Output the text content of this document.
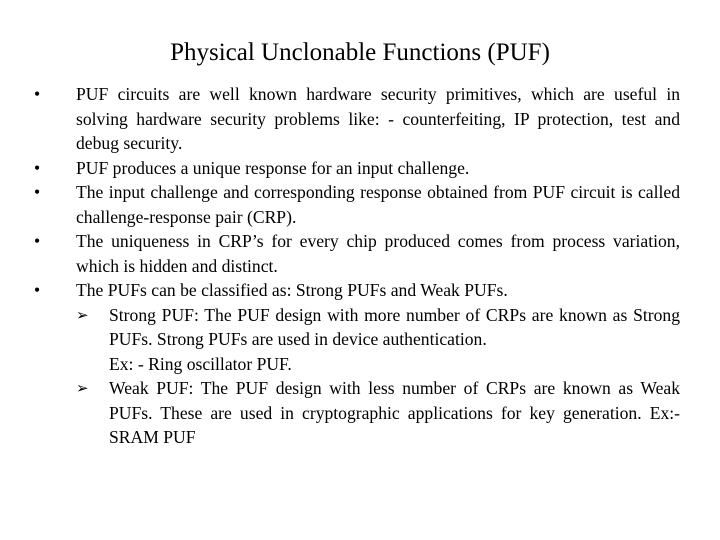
Physical Unclonable Functions (PUF)
•	PUF circuits are well known hardware security primitives, which are useful in solving hardware security problems like: - counterfeiting, IP protection, test and debug security.
•	PUF produces a unique response for an input challenge.
•	The input challenge and corresponding response obtained from PUF circuit is called challenge-response pair (CRP).
•	The uniqueness in CRP’s for every chip produced comes from process variation, which is hidden and distinct.
•	The PUFs can be classified as: Strong PUFs and Weak PUFs.
➢ Strong PUF: The PUF design with more number of CRPs are known as Strong PUFs. Strong PUFs are used in device authentication.
Ex: - Ring oscillator PUF.
➢ Weak PUF: The PUF design with less number of CRPs are known as Weak PUFs. These are used in cryptographic applications for key generation. Ex:- SRAM PUF
